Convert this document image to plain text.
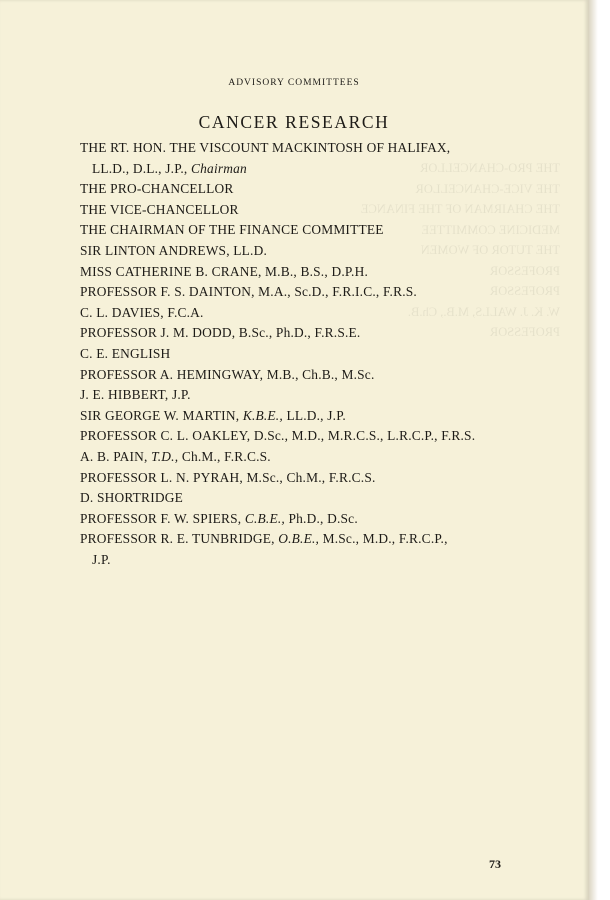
THE PRO-CHANCELLOR
THE VICE-CHANCELLOR
THE CHAIRMAN OF THE FINANCE
MEDICINE COMMITTEE
THE TUTOR OF WOMEN
PROFESSOR
PROFESSOR
W. K. J. WALLS, M.B., Ch.B.
PROFESSOR
ADVISORY COMMITTEES
CANCER RESEARCH
THE RT. HON. THE VISCOUNT MACKINTOSH OF HALIFAX,
LL.D., D.L., J.P., Chairman
THE PRO-CHANCELLOR
THE VICE-CHANCELLOR
THE CHAIRMAN OF THE FINANCE COMMITTEE
SIR LINTON ANDREWS, LL.D.
MISS CATHERINE B. CRANE, M.B., B.S., D.P.H.
PROFESSOR F. S. DAINTON, M.A., Sc.D., F.R.I.C., F.R.S.
C. L. DAVIES, F.C.A.
PROFESSOR J. M. DODD, B.Sc., Ph.D., F.R.S.E.
C. E. ENGLISH
PROFESSOR A. HEMINGWAY, M.B., Ch.B., M.Sc.
J. E. HIBBERT, J.P.
SIR GEORGE W. MARTIN, K.B.E., LL.D., J.P.
PROFESSOR C. L. OAKLEY, D.Sc., M.D., M.R.C.S., L.R.C.P., F.R.S.
A. B. PAIN, T.D., Ch.M., F.R.C.S.
PROFESSOR L. N. PYRAH, M.Sc., Ch.M., F.R.C.S.
D. SHORTRIDGE
PROFESSOR F. W. SPIERS, C.B.E., Ph.D., D.Sc.
PROFESSOR R. E. TUNBRIDGE, O.B.E., M.Sc., M.D., F.R.C.P.,
J.P.
73
